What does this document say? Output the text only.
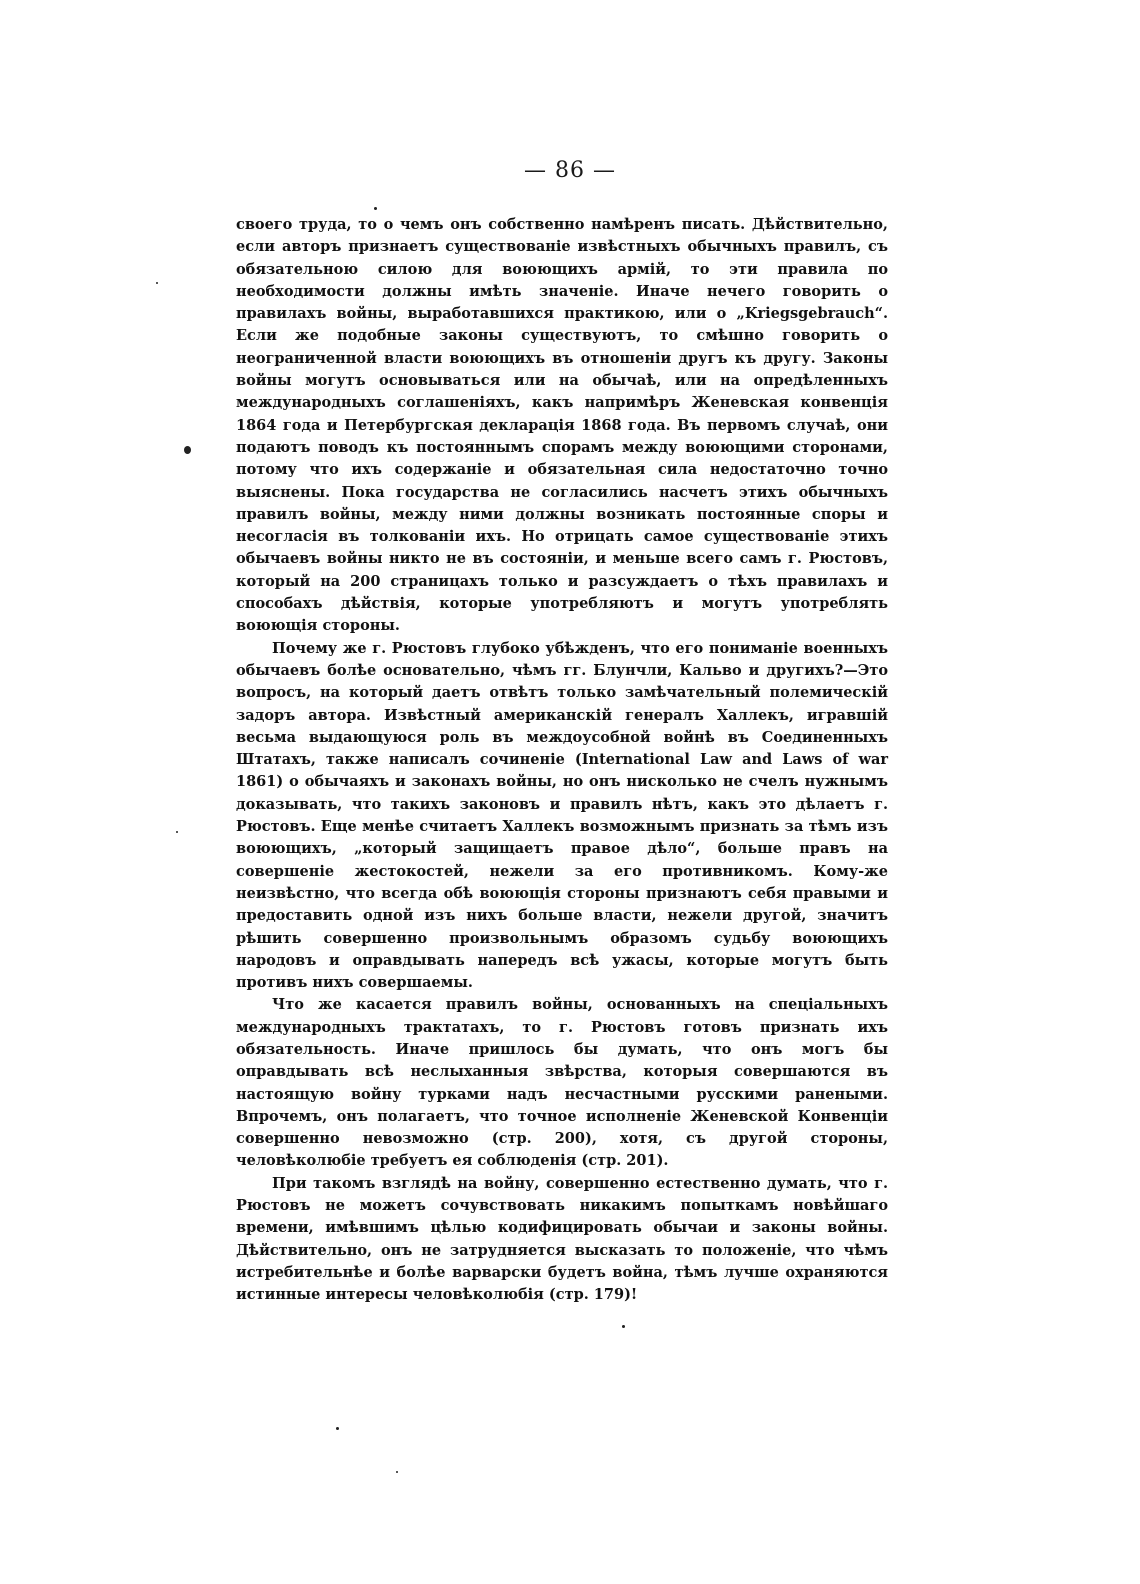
— 86 —

своего труда, то о чемъ онъ собственно намѣренъ писать. Дѣйствительно, если авторъ признаетъ существованіе извѣстныхъ обычныхъ правилъ, съ обязательною силою для воюющихъ армій, то эти правила по необходимости должны имѣть значеніе. Иначе нечего говорить о правилахъ войны, выработавшихся практикою, или о „Kriegsgebrauch“. Если же подобные законы существуютъ, то смѣшно говорить о неограниченной власти воюющихъ въ отношеніи другъ къ другу. Законы войны могутъ основываться или на обычаѣ, или на опредѣленныхъ международныхъ соглашеніяхъ, какъ напримѣръ Женевская конвенція 1864 года и Петербургская декларація 1868 года. Въ первомъ случаѣ, они подаютъ поводъ къ постояннымъ спорамъ между воюющими сторонами, потому что ихъ содержаніе и обязательная сила недостаточно точно выяснены. Пока государства не согласились насчетъ этихъ обычныхъ правилъ войны, между ними должны возникать постоянные споры и несогласія въ толкованіи ихъ. Но отрицать самое существованіе этихъ обычаевъ войны никто не въ состояніи, и меньше всего самъ г. Рюстовъ, который на 200 страницахъ только и разсуждаетъ о тѣхъ правилахъ и способахъ дѣйствія, которые употребляютъ и могутъ употреблять воюющія стороны.

Почему же г. Рюстовъ глубоко убѣжденъ, что его пониманіе военныхъ обычаевъ болѣе основательно, чѣмъ гг. Блунчли, Кальво и другихъ?—Это вопросъ, на который даетъ отвѣтъ только замѣчательный полемическій задоръ автора. Извѣстный американскій генералъ Халлекъ, игравшій весьма выдающуюся роль въ междоусобной войнѣ въ Соединенныхъ Штатахъ, также написалъ сочиненіе (International Law and Laws of war 1861) о обычаяхъ и законахъ войны, но онъ нисколько не счелъ нужнымъ доказывать, что такихъ законовъ и правилъ нѣтъ, какъ это дѣлаетъ г. Рюстовъ. Еще менѣе считаетъ Халлекъ возможнымъ признать за тѣмъ изъ воюющихъ, „который защищаетъ правое дѣло“, больше правъ на совершеніе жестокостей, нежели за его противникомъ. Кому-же неизвѣстно, что всегда обѣ воюющія стороны признаютъ себя правыми и предоставить одной изъ нихъ больше власти, нежели другой, значитъ рѣшить совершенно произвольнымъ образомъ судьбу воюющихъ народовъ и оправдывать напередъ всѣ ужасы, которые могутъ быть противъ нихъ совершаемы.

Что же касается правилъ войны, основанныхъ на спеціальныхъ международныхъ трактатахъ, то г. Рюстовъ готовъ признать ихъ обязательность. Иначе пришлось бы думать, что онъ могъ бы оправдывать всѣ неслыханныя звѣрства, которыя совершаются въ настоящую войну турками надъ несчастными русскими ранеными. Впрочемъ, онъ полагаетъ, что точное исполненіе Женевской Конвенціи совершенно невозможно (стр. 200), хотя, съ другой стороны, человѣколюбіе требуетъ ея соблюденія (стр. 201).

При такомъ взглядѣ на войну, совершенно естественно думать, что г. Рюстовъ не можетъ сочувствовать никакимъ попыткамъ новѣйшаго времени, имѣвшимъ цѣлью кодифицировать обычаи и законы войны. Дѣйствительно, онъ не затрудняется высказать то положеніе, что чѣмъ истребительнѣе и болѣе варварски будетъ война, тѣмъ лучше охраняются истинные интересы человѣколюбія (стр. 179)!
